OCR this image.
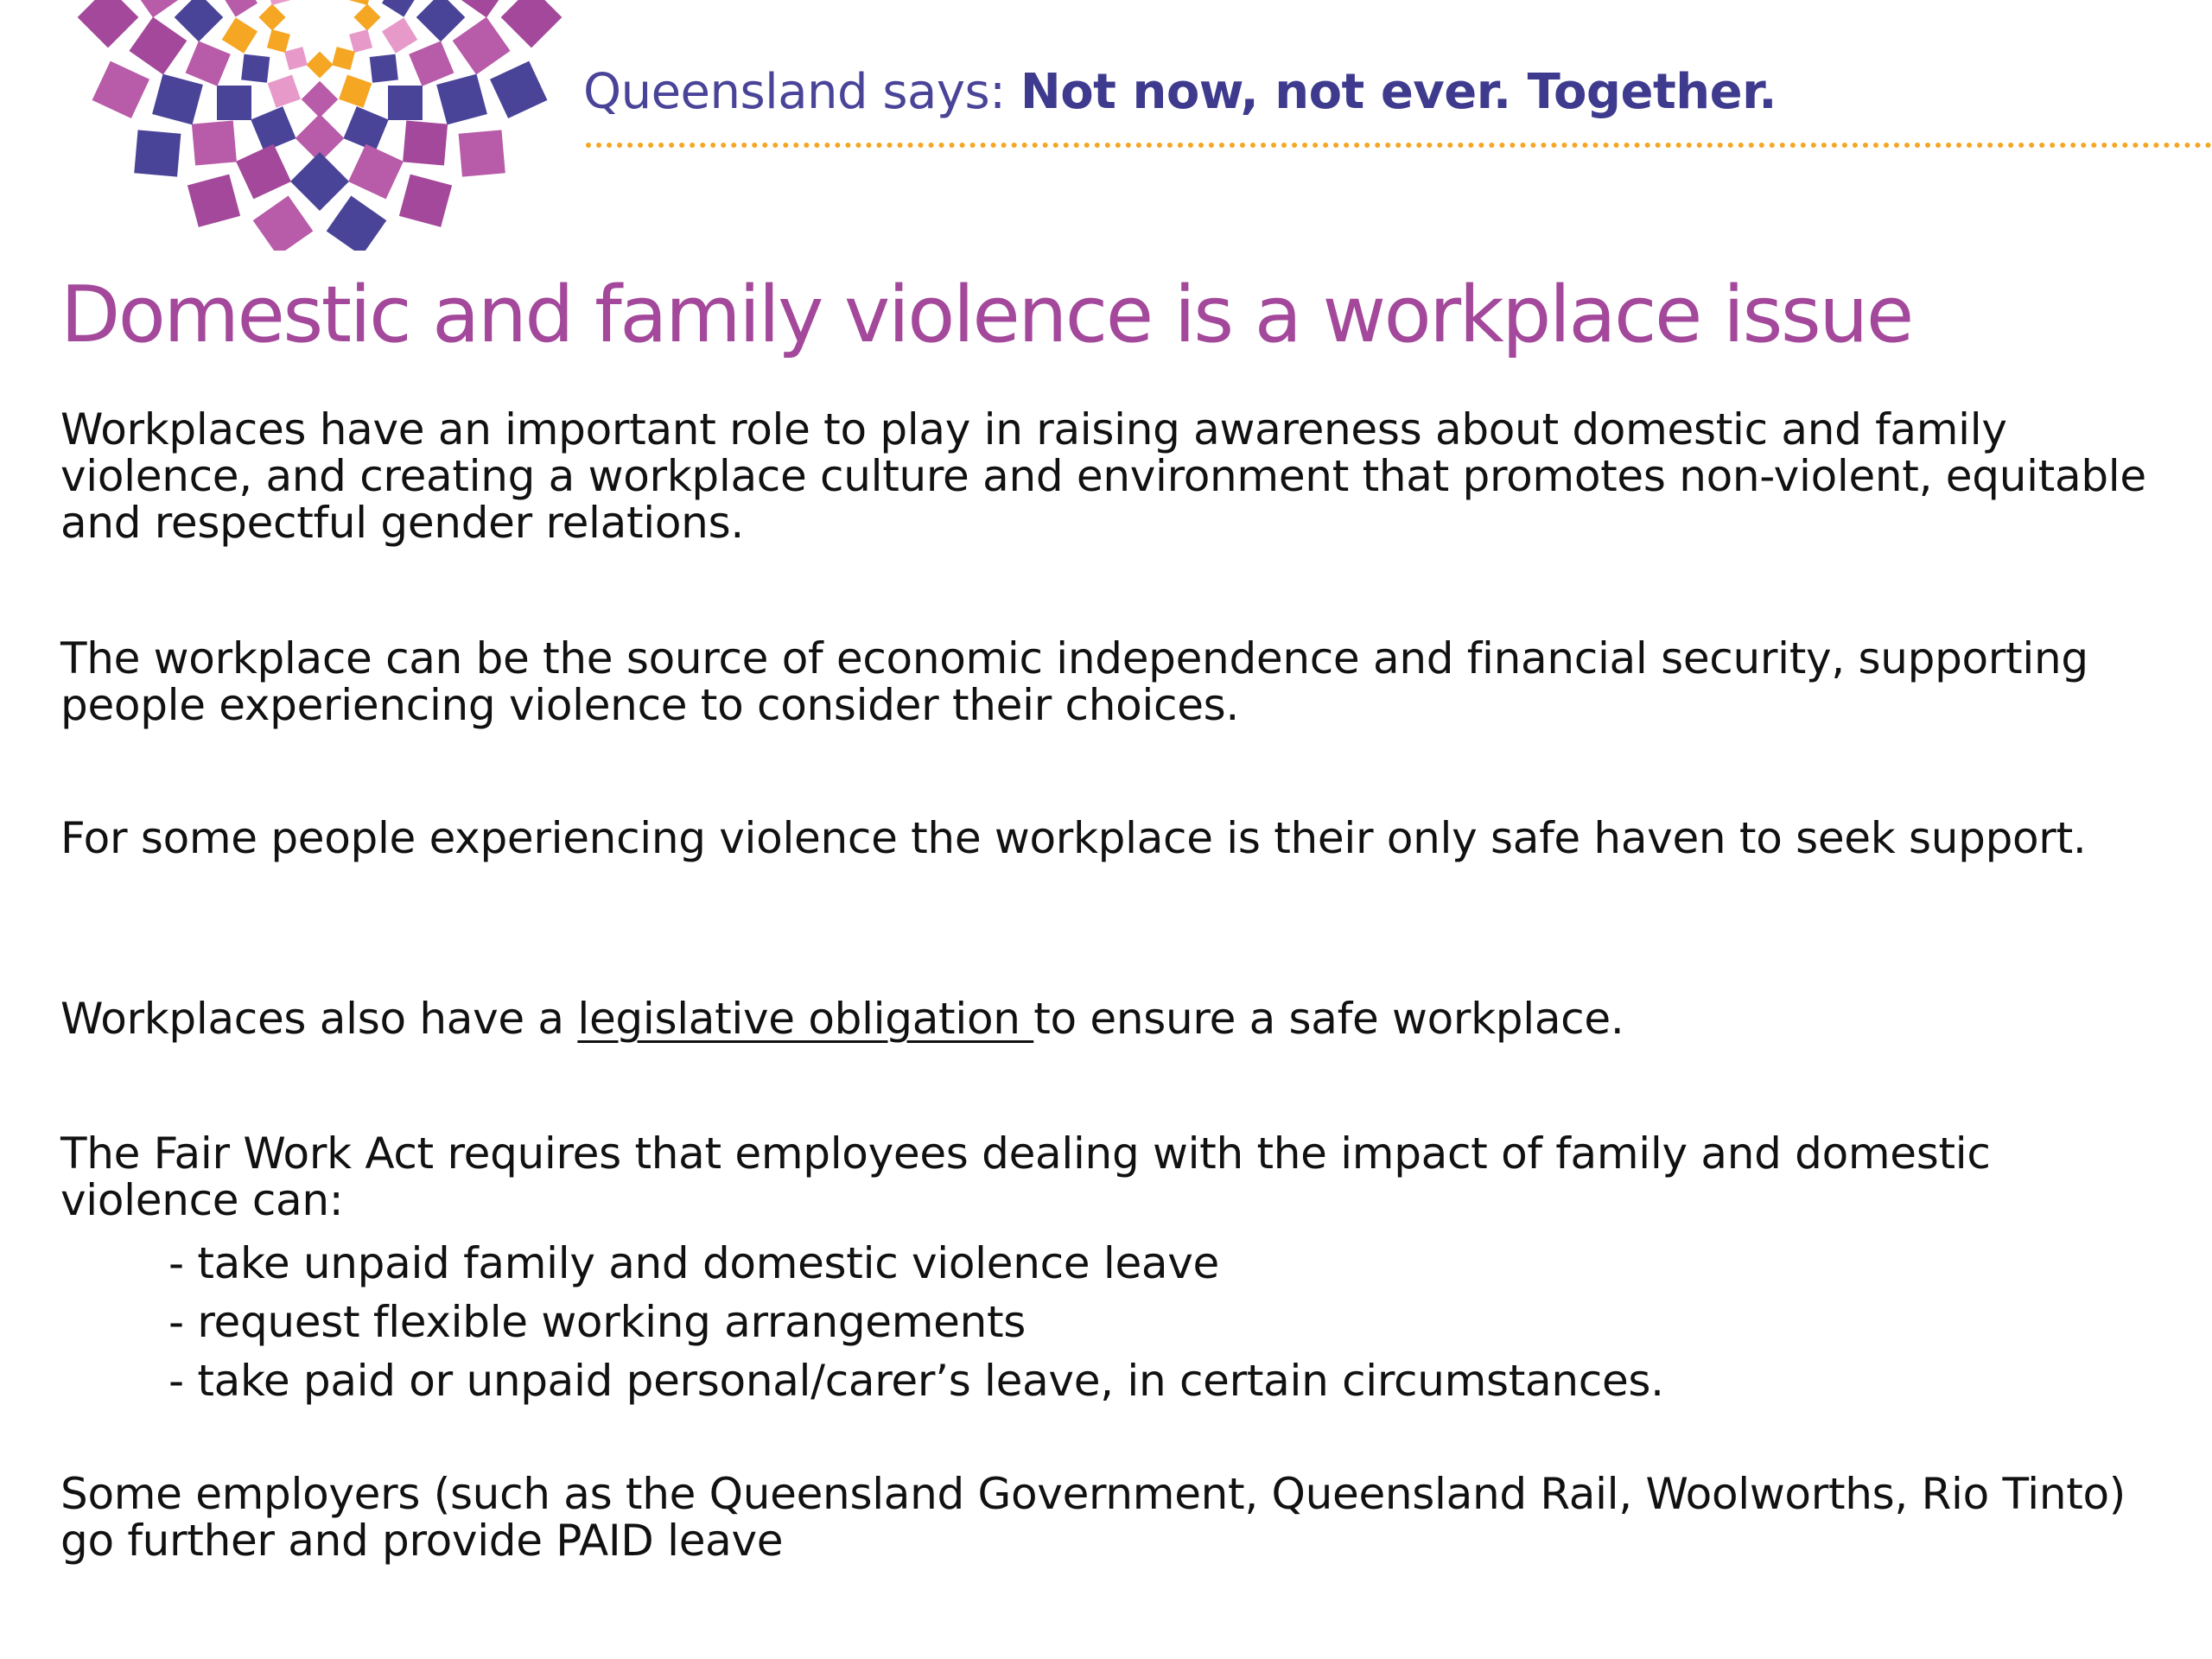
Queensland says: Not now, not ever. Together.
Domestic and family violence is a workplace issue

Workplaces have an important role to play in raising awareness about domestic and family violence, and creating a workplace culture and environment that promotes non-violent, equitable and respectful gender relations.

The workplace can be the source of economic independence and financial security, supporting people experiencing violence to consider their choices.

For some people experiencing violence the workplace is their only safe haven to seek support.

Workplaces also have a legislative obligation to ensure a safe workplace.

The Fair Work Act requires that employees dealing with the impact of family and domestic violence can:

- take unpaid family and domestic violence leave
- request flexible working arrangements
- take paid or unpaid personal/carer’s leave, in certain circumstances.

Some employers (such as the Queensland Government, Queensland Rail, Woolworths, Rio Tinto) go further and provide PAID leave
